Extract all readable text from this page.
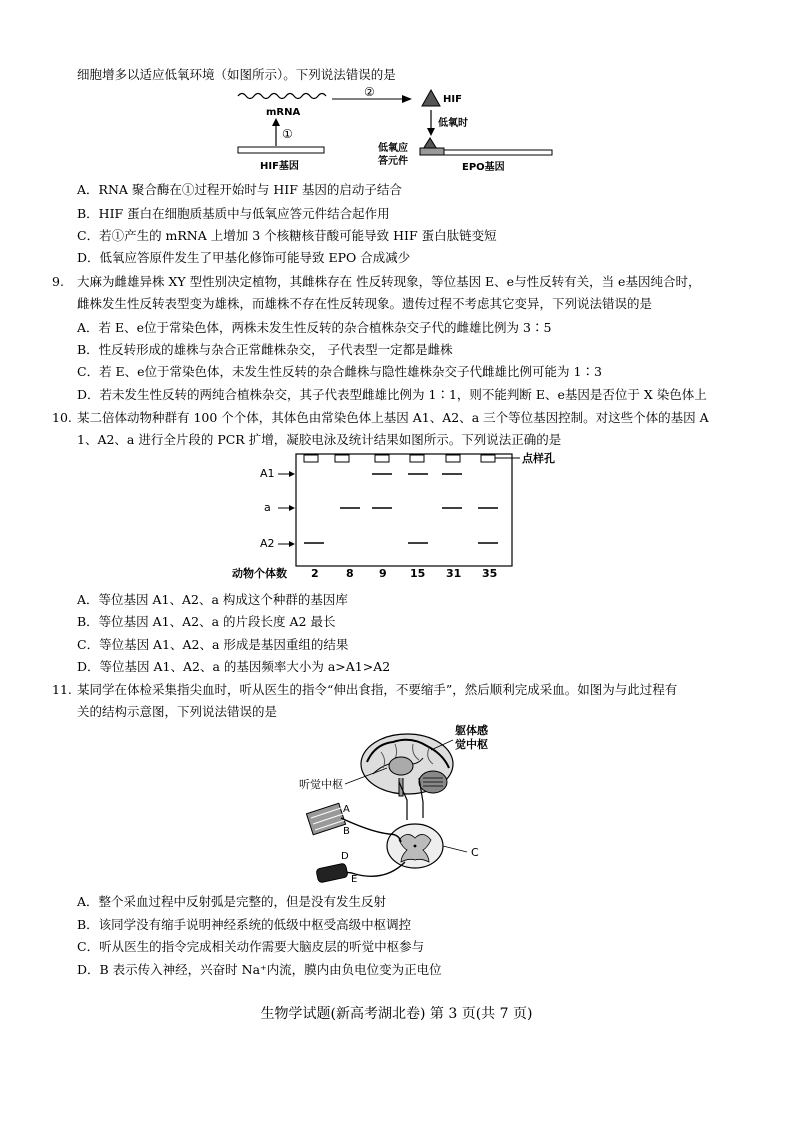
细胞增多以适应低氧环境（如图所示）。下列说法错误的是
mRNA
①
HIF基因
②
HIF
低氧时
低氧应
答元件
EPO基因
A．RNA 聚合酶在①过程开始时与 HIF 基因的启动子结合
B．HIF 蛋白在细胞质基质中与低氧应答元件结合起作用
C．若①产生的 mRNA 上增加 3 个核糖核苷酸可能导致 HIF 蛋白肽链变短
D．低氧应答原件发生了甲基化修饰可能导致 EPO 合成减少
9. 大麻为雌雄异株 XY 型性别决定植物，其雌株存在 性反转现象，等位基因 E、e与性反转有关，当 e基因纯合时，
雌株发生性反转表型变为雄株，而雄株不存在性反转现象。遗传过程不考虑其它变异，下列说法错误的是
A．若 E、e位于常染色体，两株未发生性反转的杂合植株杂交子代的雌雄比例为 3∶5
B．性反转形成的雄株与杂合正常雌株杂交， 子代表型一定都是雌株
C．若 E、e位于常染色体，未发生性反转的杂合雌株与隐性雄株杂交子代雌雄比例可能为 1∶3
D．若未发生性反转的两纯合植株杂交，其子代表型雌雄比例为 1∶1，则不能判断 E、e基因是否位于 X 染色体上
10. 某二倍体动物种群有 100 个个体，其体色由常染色体上基因 A1、A2、a 三个等位基因控制。对这些个体的基因 A
1、A2、a 进行全片段的 PCR 扩增，凝胶电泳及统计结果如图所示。下列说法正确的是
点样孔
A1
a
A2
动物个体数 2 8 9 15 31 35
A．等位基因 A1、A2、a 构成这个种群的基因库
B．等位基因 A1、A2、a 的片段长度 A2 最长
C．等位基因 A1、A2、a 形成是基因重组的结果
D．等位基因 A1、A2、a 的基因频率大小为 a>A1>A2
11. 某同学在体检采集指尖血时，听从医生的指令“伸出食指，不要缩手”，然后顺利完成采血。如图为与此过程有
关的结构示意图，下列说法错误的是
躯体感
觉中枢
听觉中枢
C
A
B
D
E
A．整个采血过程中反射弧是完整的，但是没有发生反射
B．该同学没有缩手说明神经系统的低级中枢受高级中枢调控
C．听从医生的指令完成相关动作需要大脑皮层的听觉中枢参与
D．B 表示传入神经，兴奋时 Na⁺内流，膜内由负电位变为正电位
生物学试题(新高考湖北卷) 第 3 页(共 7 页)
